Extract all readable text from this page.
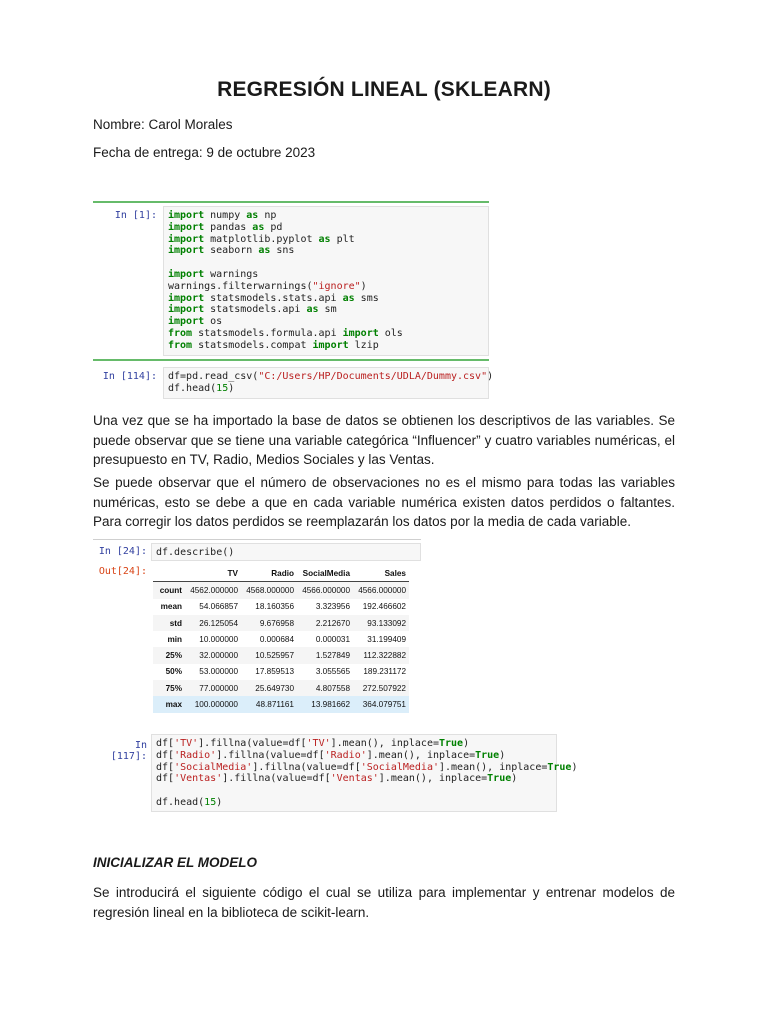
REGRESIÓN LINEAL (SKLEARN)
Nombre: Carol Morales
Fecha de entrega: 9 de octubre 2023
In [1]:	import numpy as np
import pandas as pd
import matplotlib.pyplot as plt
import seaborn as sns

import warnings
warnings.filterwarnings("ignore")
import statsmodels.stats.api as sms
import statsmodels.api as sm
import os
from statsmodels.formula.api import ols
from statsmodels.compat import lzip
In [114]:	df=pd.read_csv("C:/Users/HP/Documents/UDLA/Dummy.csv")
df.head(15)
Una vez que se ha importado la base de datos se obtienen los descriptivos de las variables. Se puede observar que se tiene una variable categórica “Influencer” y cuatro variables numéricas, el presupuesto en TV, Radio, Medios Sociales y las Ventas.
Se puede observar que el número de observaciones no es el mismo para todas las variables numéricas, esto se debe a que en cada variable numérica existen datos perdidos o faltantes. Para corregir los datos perdidos se reemplazarán los datos por la media de cada variable.
In [24]: df.describe()
Out[24]:
		TV	Radio	SocialMedia	Sales
count	4562.000000	4568.000000	4566.000000	4566.000000
mean	54.066857	18.160356	3.323956	192.466602
std	26.125054	9.676958	2.212670	93.133092
min	10.000000	0.000684	0.000031	31.199409
25%	32.000000	10.525957	1.527849	112.322882
50%	53.000000	17.859513	3.055565	189.231172
75%	77.000000	25.649730	4.807558	272.507922
max	100.000000	48.871161	13.981662	364.079751
In [117]:
df['TV'].fillna(value=df['TV'].mean(), inplace=True)
df['Radio'].fillna(value=df['Radio'].mean(), inplace=True)
df['SocialMedia'].fillna(value=df['SocialMedia'].mean(), inplace=True)
df['Ventas'].fillna(value=df['Ventas'].mean(), inplace=True)

df.head(15)
INICIALIZAR EL MODELO
Se introducirá el siguiente código el cual se utiliza para implementar y entrenar modelos de regresión lineal en la biblioteca de scikit-learn.
